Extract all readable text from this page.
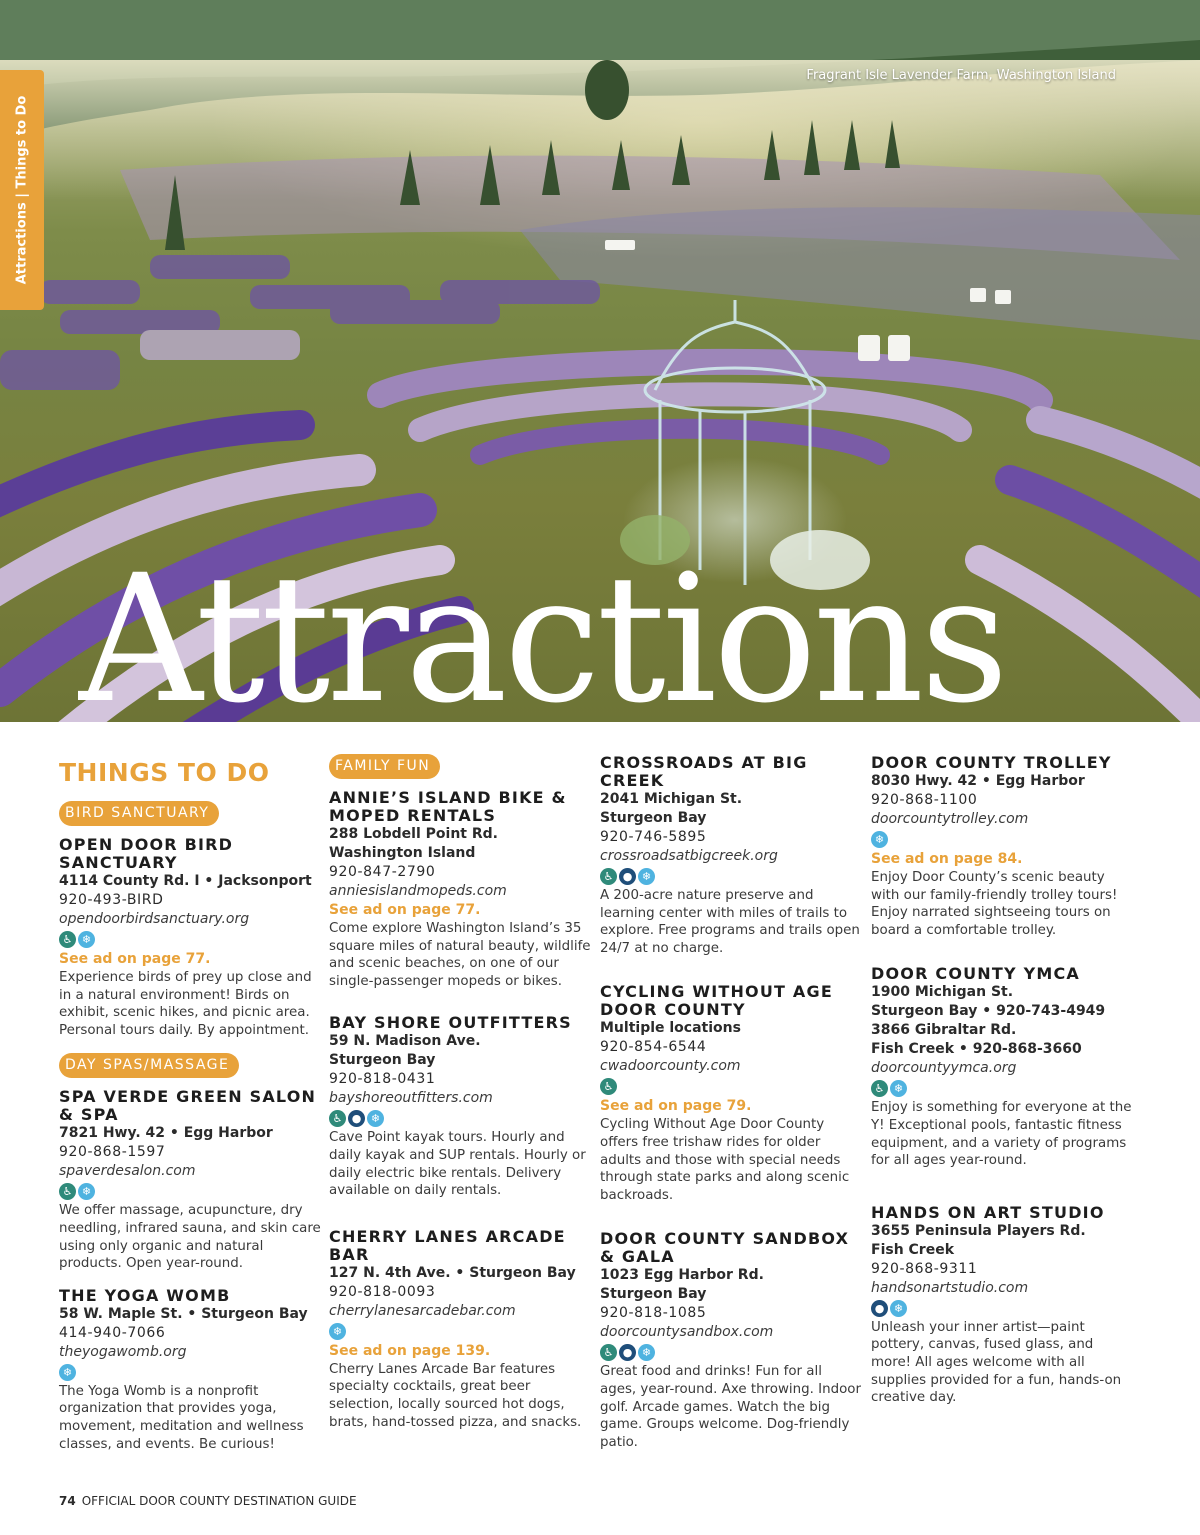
Fragrant Isle Lavender Farm, Washington Island
Attractions | Things to Do
Attractions
THINGS TO DO
BIRD SANCTUARY
OPEN DOOR BIRD SANCTUARY
4114 County Rd. I • Jacksonport
920-493-BIRD
opendoorbirdsanctuary.org
♿ ❄
See ad on page 77.
Experience birds of prey up close and in a natural environment! Birds on exhibit, scenic hikes, and picnic area. Personal tours daily. By appointment.
DAY SPAS/MASSAGE
SPA VERDE GREEN SALON & SPA
7821 Hwy. 42 • Egg Harbor
920-868-1597
spaverdesalon.com
♿ ❄
We offer massage, acupuncture, dry needling, infrared sauna, and skin care using only organic and natural products. Open year-round.
THE YOGA WOMB
58 W. Maple St. • Sturgeon Bay
414-940-7066
theyogawomb.org
❄
The Yoga Womb is a nonprofit organization that provides yoga, movement, meditation and wellness classes, and events. Be curious!
FAMILY FUN
ANNIE’S ISLAND BIKE & MOPED RENTALS
288 Lobdell Point Rd.
Washington Island
920-847-2790
anniesislandmopeds.com
See ad on page 77.
Come explore Washington Island’s 35 square miles of natural beauty, wildlife and scenic beaches, on one of our single-passenger mopeds or bikes.
BAY SHORE OUTFITTERS
59 N. Madison Ave.
Sturgeon Bay
920-818-0431
bayshoreoutfitters.com
♿ ● ❄
Cave Point kayak tours. Hourly and daily kayak and SUP rentals. Hourly or daily electric bike rentals. Delivery available on daily rentals.
CHERRY LANES ARCADE BAR
127 N. 4th Ave. • Sturgeon Bay
920-818-0093
cherrylanesarcadebar.com
❄
See ad on page 139.
Cherry Lanes Arcade Bar features specialty cocktails, great beer selection, locally sourced hot dogs, brats, hand-tossed pizza, and snacks.
CROSSROADS AT BIG CREEK
2041 Michigan St.
Sturgeon Bay
920-746-5895
crossroadsatbigcreek.org
♿ ● ❄
A 200-acre nature preserve and learning center with miles of trails to explore. Free programs and trails open 24/7 at no charge.
CYCLING WITHOUT AGE DOOR COUNTY
Multiple locations
920-854-6544
cwadoorcounty.com
♿
See ad on page 79.
Cycling Without Age Door County offers free trishaw rides for older adults and those with special needs through state parks and along scenic backroads.
DOOR COUNTY SANDBOX & GALA
1023 Egg Harbor Rd.
Sturgeon Bay
920-818-1085
doorcountysandbox.com
♿ ● ❄
Great food and drinks! Fun for all ages, year-round. Axe throwing. Indoor golf. Arcade games. Watch the big game. Groups welcome. Dog-friendly patio.
DOOR COUNTY TROLLEY
8030 Hwy. 42 • Egg Harbor
920-868-1100
doorcountytrolley.com
❄
See ad on page 84.
Enjoy Door County’s scenic beauty with our family-friendly trolley tours! Enjoy narrated sightseeing tours on board a comfortable trolley.
DOOR COUNTY YMCA
1900 Michigan St.
Sturgeon Bay • 920-743-4949
3866 Gibraltar Rd.
Fish Creek • 920-868-3660
doorcountyymca.org
♿ ❄
Enjoy is something for everyone at the Y! Exceptional pools, fantastic fitness equipment, and a variety of programs for all ages year-round.
HANDS ON ART STUDIO
3655 Peninsula Players Rd.
Fish Creek
920-868-9311
handsonartstudio.com
● ❄
Unleash your inner artist—paint pottery, canvas, fused glass, and more! All ages welcome with all supplies provided for a fun, hands-on creative day.
74 OFFICIAL DOOR COUNTY DESTINATION GUIDE
